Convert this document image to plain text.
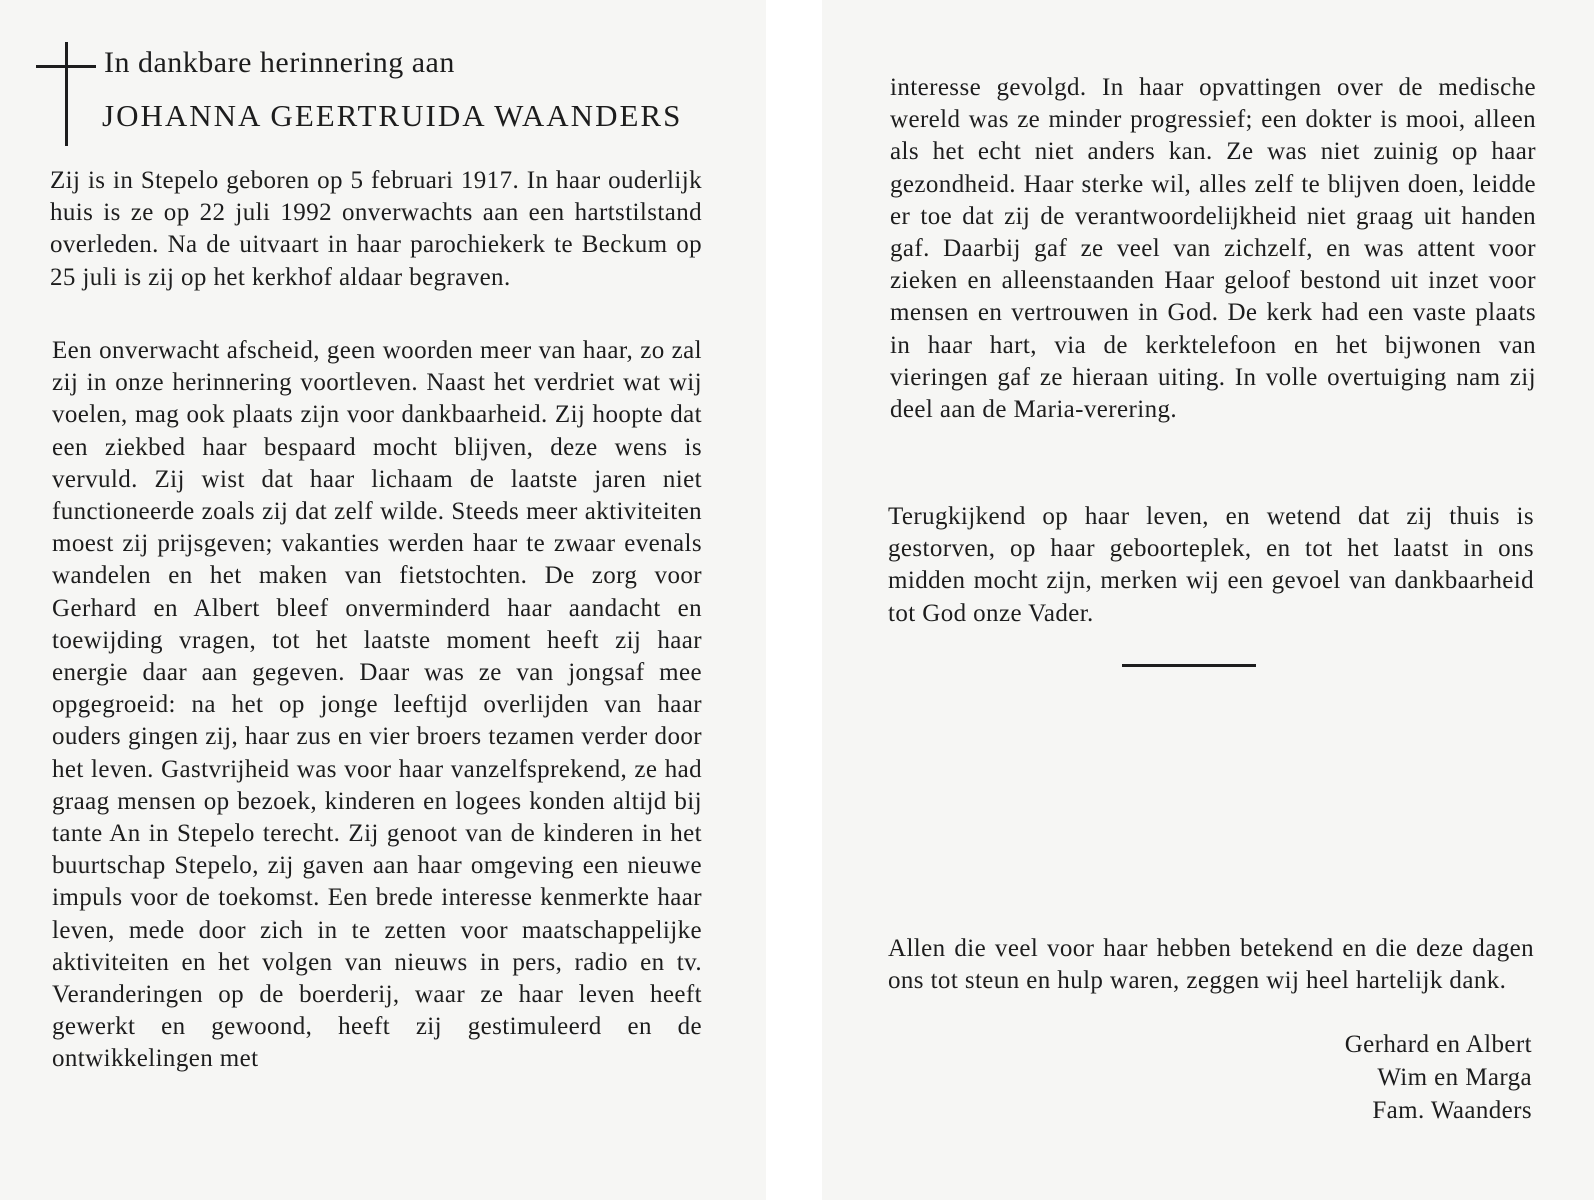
In dankbare herinnering aan
JOHANNA GEERTRUIDA WAANDERS

Zij is in Stepelo geboren op 5 februari 1917. In haar ouderlijk huis is ze op 22 juli 1992 onverwachts aan een hartstilstand overleden. Na de uitvaart in haar parochiekerk te Beckum op 25 juli is zij op het kerkhof aldaar begraven.

Een onverwacht afscheid, geen woorden meer van haar, zo zal zij in onze herinnering voortleven. Naast het verdriet wat wij voelen, mag ook plaats zijn voor dankbaarheid. Zij hoopte dat een ziekbed haar bespaard mocht blijven, deze wens is vervuld. Zij wist dat haar lichaam de laatste jaren niet functioneerde zoals zij dat zelf wilde. Steeds meer aktiviteiten moest zij prijsgeven; vakanties werden haar te zwaar evenals wandelen en het maken van fietstochten. De zorg voor Gerhard en Albert bleef onverminderd haar aandacht en toewijding vragen, tot het laatste moment heeft zij haar energie daar aan gegeven. Daar was ze van jongsaf mee opgegroeid: na het op jonge leeftijd overlijden van haar ouders gingen zij, haar zus en vier broers tezamen verder door het leven. Gastvrijheid was voor haar vanzelfsprekend, ze had graag mensen op bezoek, kinderen en logees konden altijd bij tante An in Stepelo terecht. Zij genoot van de kinderen in het buurtschap Stepelo, zij gaven aan haar omgeving een nieuwe impuls voor de toekomst. Een brede interesse kenmerkte haar leven, mede door zich in te zetten voor maatschappelijke aktiviteiten en het volgen van nieuws in pers, radio en tv. Veranderingen op de boerderij, waar ze haar leven heeft gewerkt en gewoond, heeft zij gestimuleerd en de ontwikkelingen met

interesse gevolgd. In haar opvattingen over de medische wereld was ze minder progressief; een dokter is mooi, alleen als het echt niet anders kan. Ze was niet zuinig op haar gezondheid. Haar sterke wil, alles zelf te blijven doen, leidde er toe dat zij de verantwoordelijkheid niet graag uit handen gaf. Daarbij gaf ze veel van zichzelf, en was attent voor zieken en alleenstaanden Haar geloof bestond uit inzet voor mensen en vertrouwen in God. De kerk had een vaste plaats in haar hart, via de kerktelefoon en het bijwonen van vieringen gaf ze hieraan uiting. In volle overtuiging nam zij deel aan de Maria-verering.

Terugkijkend op haar leven, en wetend dat zij thuis is gestorven, op haar geboorteplek, en tot het laatst in ons midden mocht zijn, merken wij een gevoel van dankbaarheid tot God onze Vader.

Allen die veel voor haar hebben betekend en die deze dagen ons tot steun en hulp waren, zeggen wij heel hartelijk dank.

Gerhard en Albert
Wim en Marga
Fam. Waanders
